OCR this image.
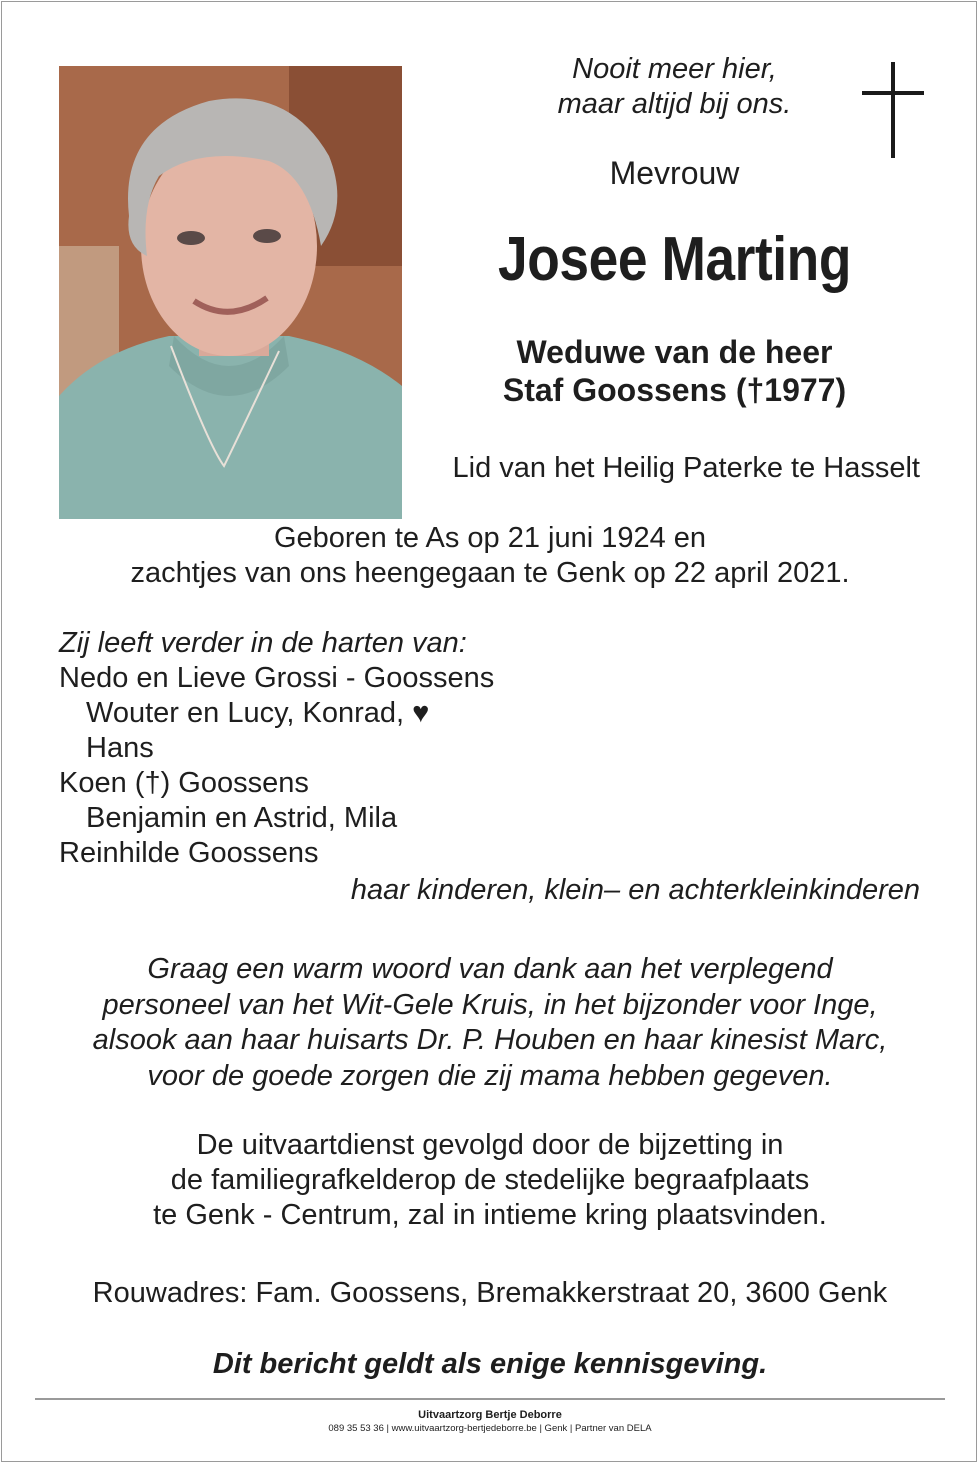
Nooit meer hier,
maar altijd bij ons.
Mevrouw
Josee Marting
Weduwe van de heer
Staf Goossens (†1977)
Lid van het Heilig Paterke te Hasselt
Geboren te As op 21 juni 1924 en
zachtjes van ons heengegaan te Genk op 22 april 2021.
Zij leeft verder in de harten van:
Nedo en Lieve Grossi - Goossens
Wouter en Lucy, Konrad, ♥
Hans
Koen (†) Goossens
Benjamin en Astrid, Mila
Reinhilde Goossens
haar kinderen, klein– en achterkleinkinderen
Graag een warm woord van dank aan het verplegend
personeel van het Wit-Gele Kruis, in het bijzonder voor Inge,
alsook aan haar huisarts Dr. P. Houben en haar kinesist Marc,
voor de goede zorgen die zij mama hebben gegeven.
De uitvaartdienst gevolgd door de bijzetting in
de familiegrafkelderop de stedelijke begraafplaats
te Genk - Centrum, zal in intieme kring plaatsvinden.
Rouwadres: Fam. Goossens, Bremakkerstraat 20, 3600 Genk
Dit bericht geldt als enige kennisgeving.
Uitvaartzorg Bertje Deborre
089 35 53 36 | www.uitvaartzorg-bertjedeborre.be | Genk | Partner van DELA
